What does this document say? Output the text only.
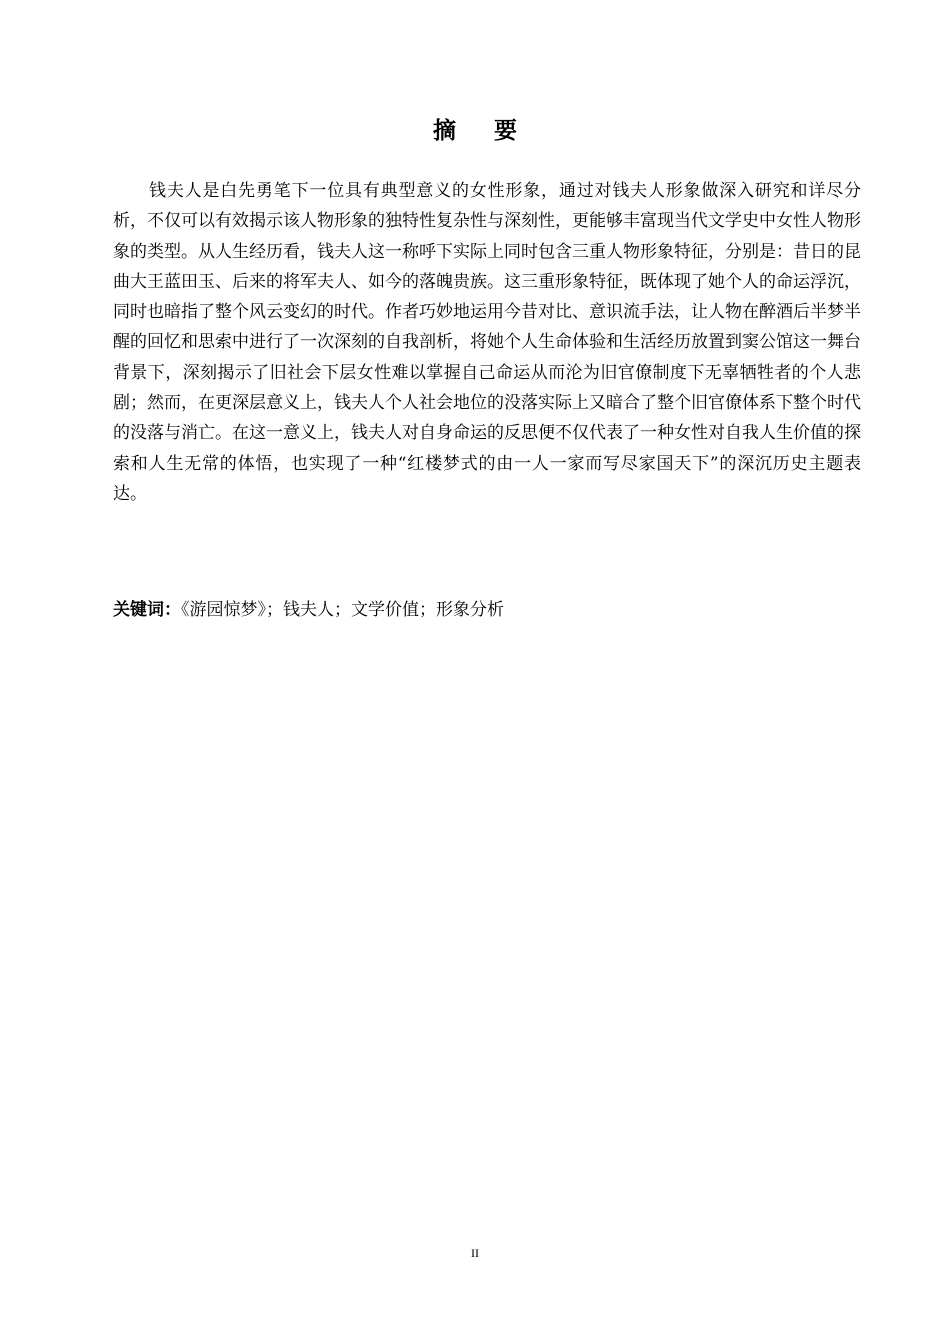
摘要

钱夫人是白先勇笔下一位具有典型意义的女性形象，通过对钱夫人形象做深入研究和详尽分析，不仅可以有效揭示该人物形象的独特性复杂性与深刻性，更能够丰富现当代文学史中女性人物形象的类型。从人生经历看，钱夫人这一称呼下实际上同时包含三重人物形象特征，分别是：昔日的昆曲大王蓝田玉、后来的将军夫人、如今的落魄贵族。这三重形象特征，既体现了她个人的命运浮沉，同时也暗指了整个风云变幻的时代。作者巧妙地运用今昔对比、意识流手法，让人物在醉酒后半梦半醒的回忆和思索中进行了一次深刻的自我剖析，将她个人生命体验和生活经历放置到窦公馆这一舞台背景下，深刻揭示了旧社会下层女性难以掌握自己命运从而沦为旧官僚制度下无辜牺牲者的个人悲剧；然而，在更深层意义上，钱夫人个人社会地位的没落实际上又暗合了整个旧官僚体系下整个时代的没落与消亡。在这一意义上，钱夫人对自身命运的反思便不仅代表了一种女性对自我人生价值的探索和人生无常的体悟，也实现了一种“红楼梦式的由一人一家而写尽家国天下”的深沉历史主题表达。

关键词：《游园惊梦》；钱夫人；文学价值；形象分析

II
